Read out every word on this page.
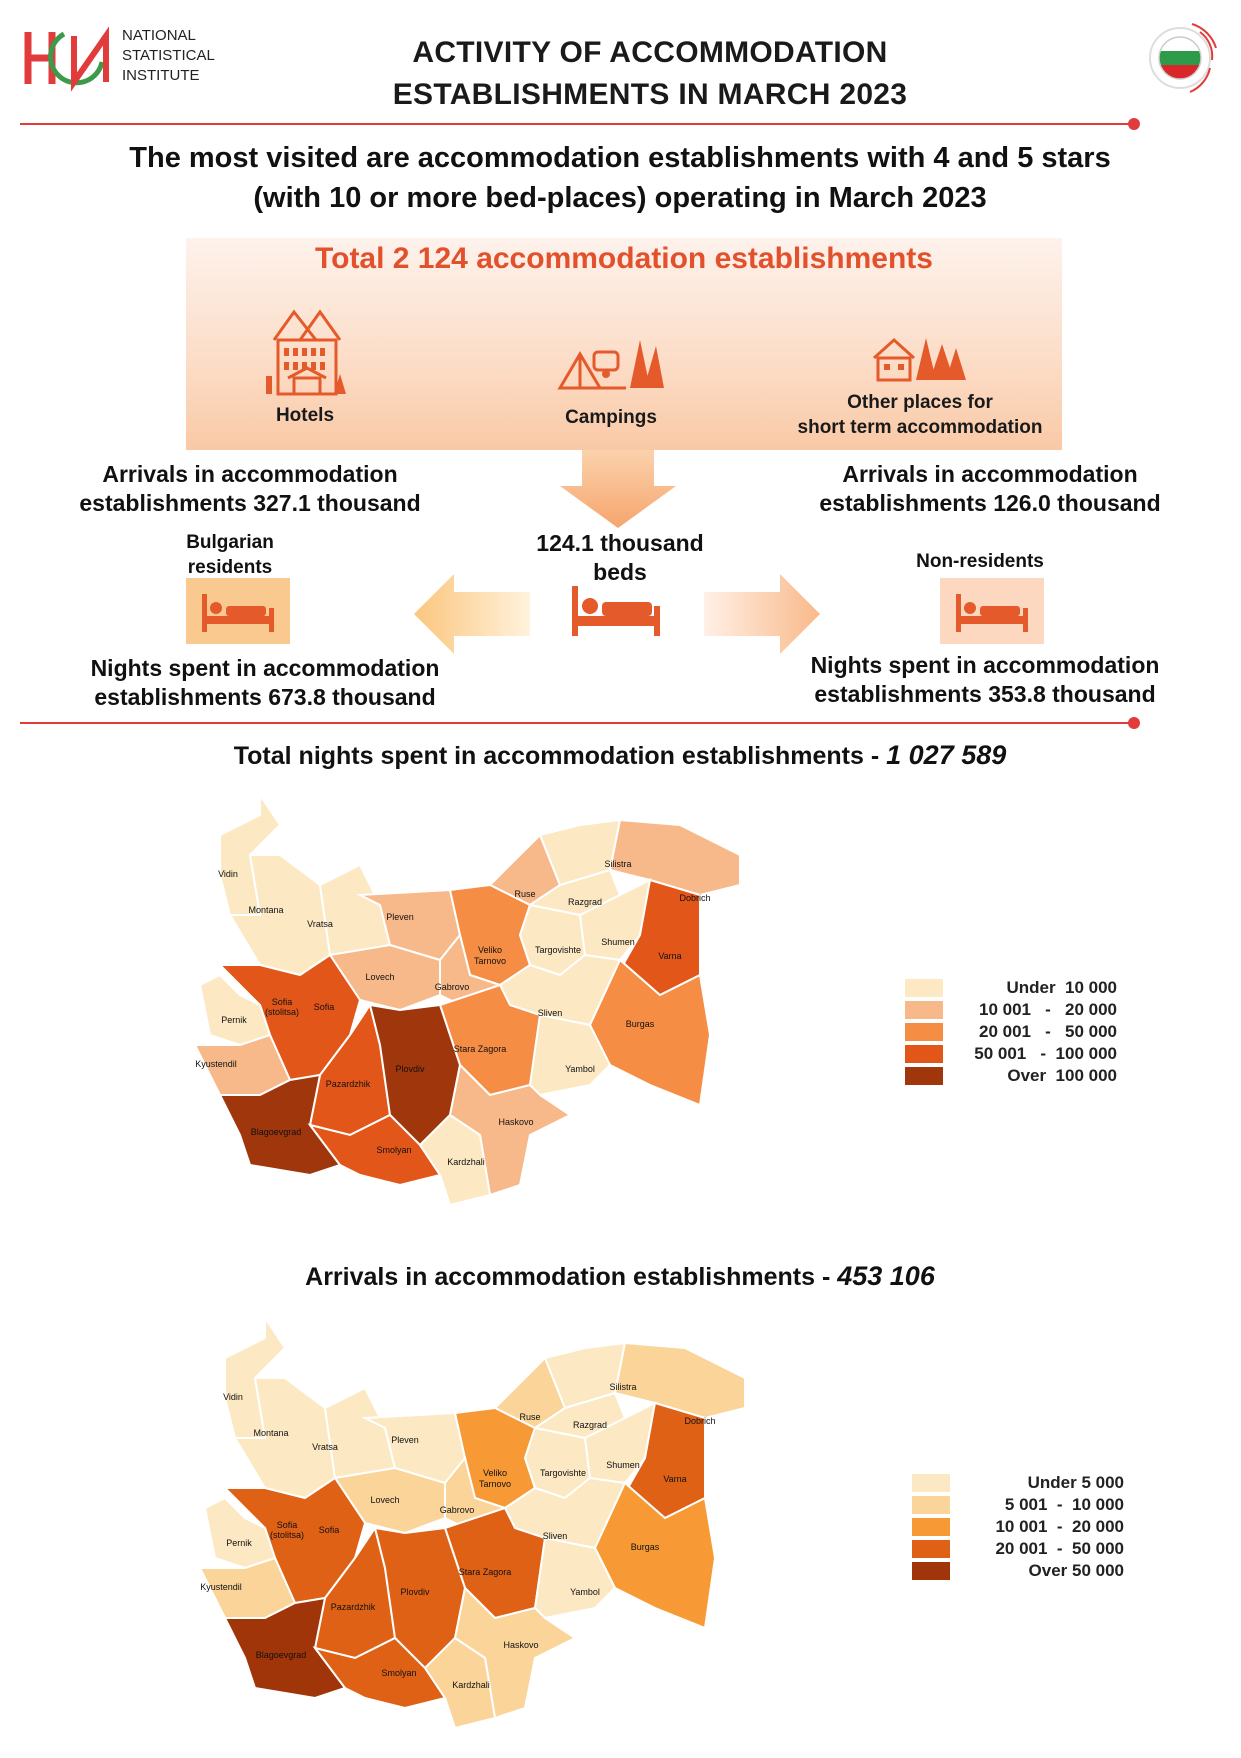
NATIONAL
STATISTICAL
INSTITUTE
ACTIVITY OF ACCOMMODATION
ESTABLISHMENTS IN MARCH 2023
The most visited are accommodation establishments with 4 and 5 stars
(with 10 or more bed-places) operating in March 2023
Total 2 124 accommodation establishments
Hotels	Campings
Other places for
short term accommodation
Arrivals in accommodation
establishments 327.1 thousand
Arrivals in accommodation
establishments 126.0 thousand
Bulgarian
residents	Non-residents
124.1 thousand
beds
Nights spent in accommodation
establishments 673.8 thousand
Nights spent in accommodation
establishments 353.8 thousand
Total nights spent in accommodation establishments - 1 027 589
Vidin
Montana
Vratsa
Pleven
Ruse
Silistra
Razgrad	Dobrich
Veliko
Tarnovo
Targovishte
Shumen
Varna
Lovech
Gabrovo
Sofia
(stolitsa) Sofia
Pernik
Sliven
Burgas
Kyustendil
Stara Zagora
Yambol
Pazardzhik
Plovdiv
Haskovo
Blagoevgrad
Smolyan
Kardzhali
Under  10 000
10 001   -   20 000
20 001   -   50 000
50 001   -  100 000
Over  100 000
Arrivals in accommodation establishments - 453 106
Vidin
Montana
Vratsa
Pleven
Ruse
Silistra
Razgrad	Dobrich
Veliko
Tarnovo
Targovishte
Shumen
Varna
Lovech
Gabrovo
Sofia
(stolitsa) Sofia
Pernik
Sliven
Burgas
Kyustendil
Stara Zagora
Yambol
Pazardzhik
Plovdiv
Haskovo
Blagoevgrad
Smolyan
Kardzhali
Under 5 000
5 001  -  10 000
10 001  -  20 000
20 001  -  50 000
Over 50 000
